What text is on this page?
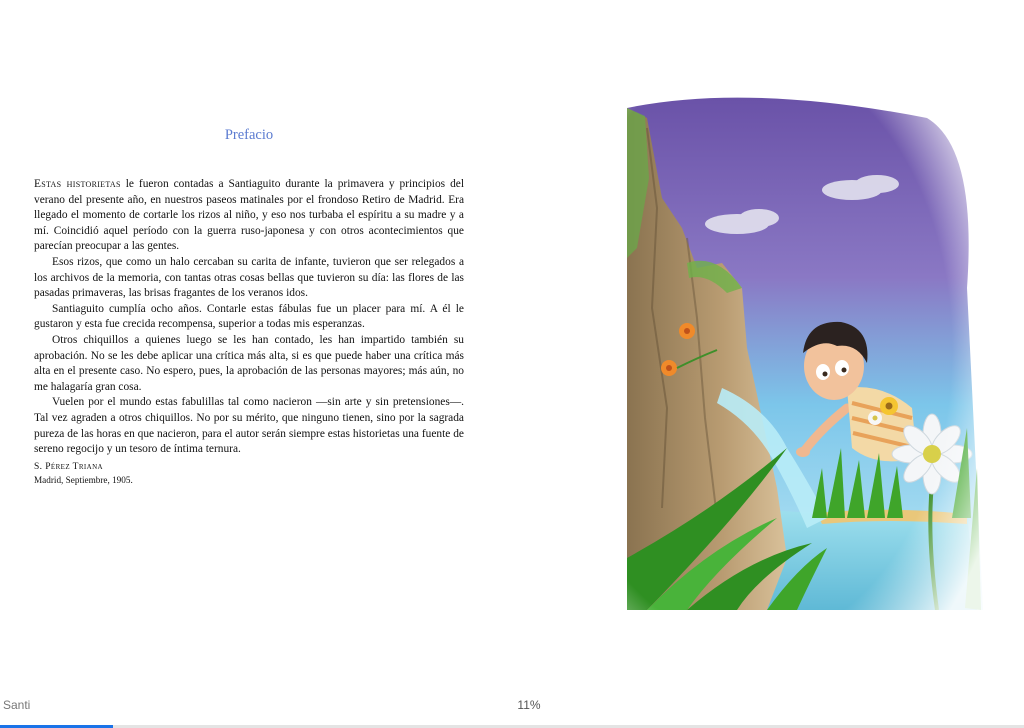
Prefacio

Estas historietas le fueron contadas a Santiaguito durante la primavera y principios del verano del presente año, en nuestros paseos matinales por el frondoso Retiro de Madrid. Era llegado el momento de cortarle los rizos al niño, y eso nos turbaba el espíritu a su madre y a mí. Coincidió aquel período con la guerra ruso-japonesa y con otros acontecimientos que parecían preocupar a las gentes.

Esos rizos, que como un halo cercaban su carita de infante, tuvieron que ser relegados a los archivos de la memoria, con tantas otras cosas bellas que tuvieron su día: las flores de las pasadas primaveras, las brisas fragantes de los veranos idos.

Santiaguito cumplía ocho años. Contarle estas fábulas fue un placer para mí. A él le gustaron y esta fue crecida recompensa, superior a todas mis esperanzas.

Otros chiquillos a quienes luego se les han contado, les han impartido también su aprobación. No se les debe aplicar una crítica más alta, si es que puede haber una crítica más alta en el presente caso. No espero, pues, la aprobación de las personas mayores; más aún, no me halagaría gran cosa.

Vuelen por el mundo estas fabulillas tal como nacieron —sin arte y sin pretensiones—. Tal vez agraden a otros chiquillos. No por su mérito, que ninguno tienen, sino por la sagrada pureza de las horas en que nacieron, para el autor serán siempre estas historietas una fuente de sereno regocijo y un tesoro de íntima ternura.

S. Pérez Triana
Madrid, Septiembre, 1905.
Santi	11%
